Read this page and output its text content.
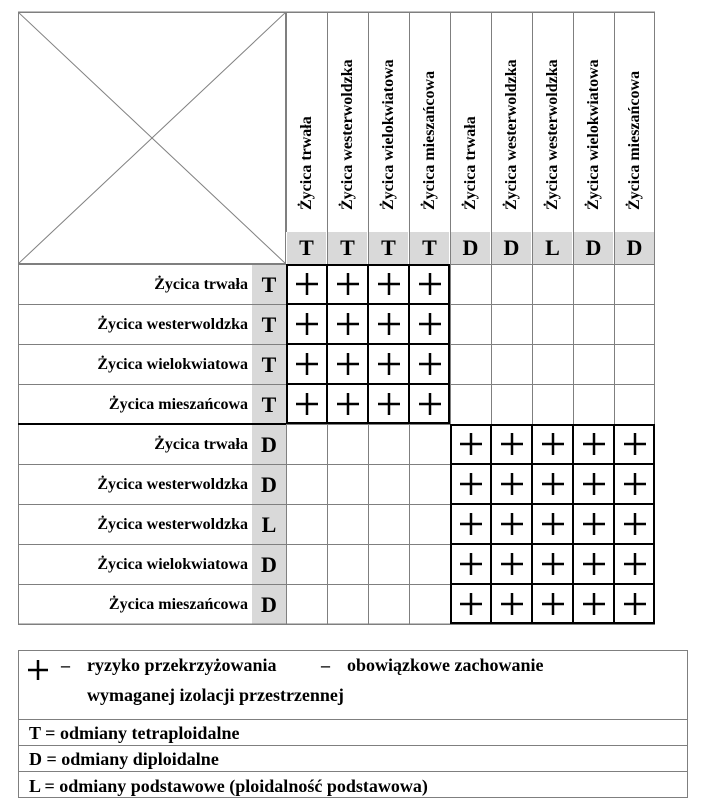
Życica trwała
T
Życica westerwoldzka
T
Życica wielokwiatowa
T
Życica mieszańcowa
T
Życica trwała
D
Życica westerwoldzka
D
Życica westerwoldzka
L
Życica wielokwiatowa
D
Życica mieszańcowa
D
Życica trwała T
Życica westerwoldzka T
Życica wielokwiatowa T
Życica mieszańcowa T
Życica trwała D
Życica westerwoldzka D
Życica westerwoldzka L
Życica wielokwiatowa D
Życica mieszańcowa D
– ryzyko przekrzyżowania – obowiązkowe zachowanie
wymaganej izolacji przestrzennej
T = odmiany tetraploidalne
D = odmiany diploidalne
L = odmiany podstawowe (ploidalność podstawowa)
